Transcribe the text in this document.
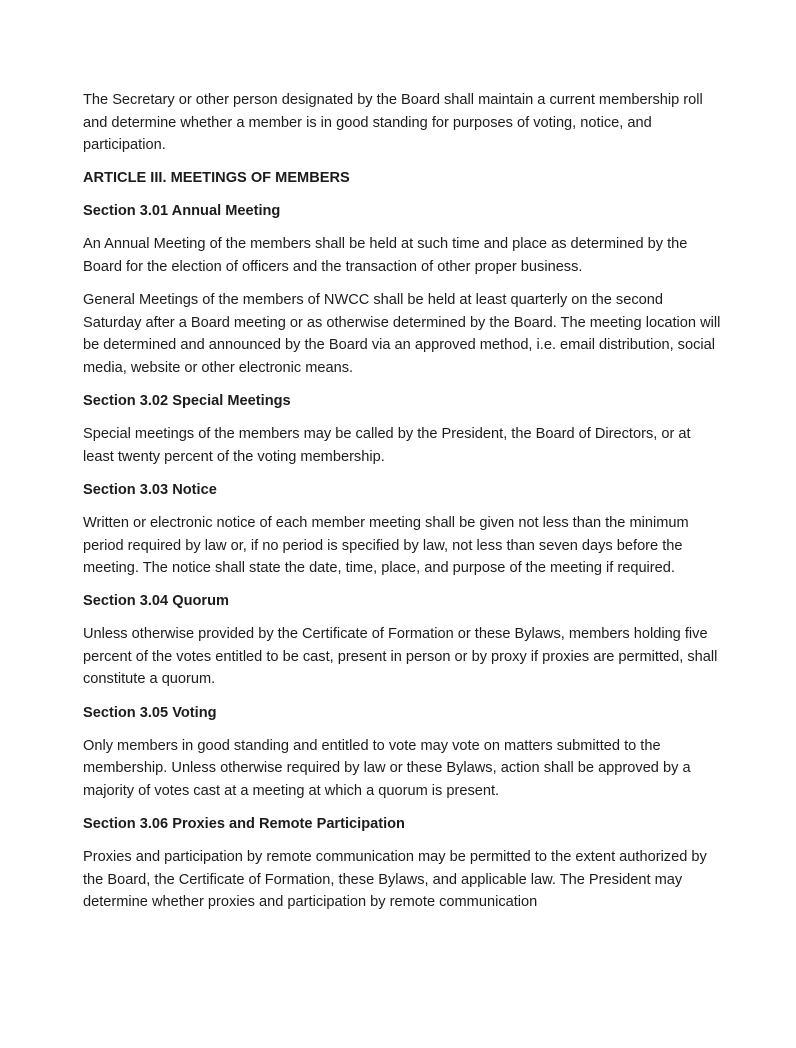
The Secretary or other person designated by the Board shall maintain a current membership roll and determine whether a member is in good standing for purposes of voting, notice, and participation.

ARTICLE III. MEETINGS OF MEMBERS
Section 3.01 Annual Meeting

An Annual Meeting of the members shall be held at such time and place as determined by the Board for the election of officers and the transaction of other proper business.

General Meetings of the members of NWCC shall be held at least quarterly on the second Saturday after a Board meeting or as otherwise determined by the Board. The meeting location will be determined and announced by the Board via an approved method, i.e. email distribution, social media, website or other electronic means.

Section 3.02 Special Meetings

Special meetings of the members may be called by the President, the Board of Directors, or at least twenty percent of the voting membership.

Section 3.03 Notice

Written or electronic notice of each member meeting shall be given not less than the minimum period required by law or, if no period is specified by law, not less than seven days before the meeting. The notice shall state the date, time, place, and purpose of the meeting if required.

Section 3.04 Quorum

Unless otherwise provided by the Certificate of Formation or these Bylaws, members holding five percent of the votes entitled to be cast, present in person or by proxy if proxies are permitted, shall constitute a quorum.

Section 3.05 Voting

Only members in good standing and entitled to vote may vote on matters submitted to the membership. Unless otherwise required by law or these Bylaws, action shall be approved by a majority of votes cast at a meeting at which a quorum is present.

Section 3.06 Proxies and Remote Participation

Proxies and participation by remote communication may be permitted to the extent authorized by the Board, the Certificate of Formation, these Bylaws, and applicable law. The President may determine whether proxies and participation by remote communication
